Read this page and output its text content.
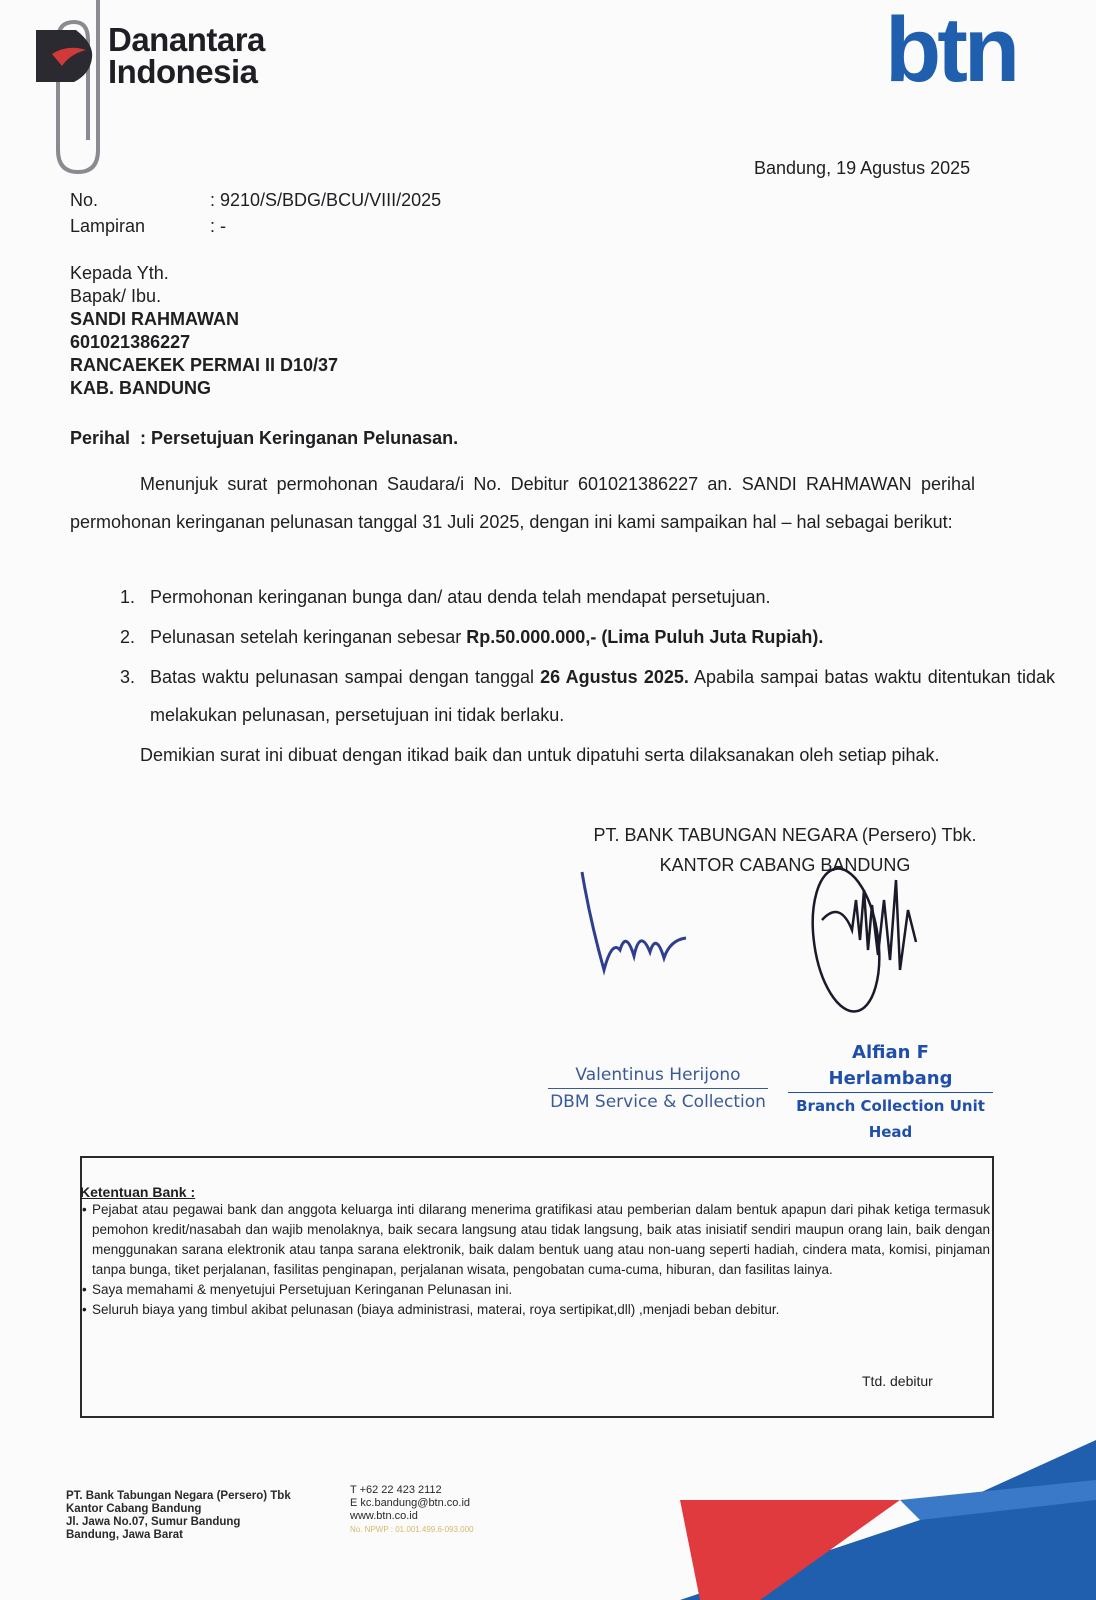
Danantara
Indonesia	btn
Bandung, 19 Agustus 2025
No.	: 9210/S/BDG/BCU/VIII/2025
Lampiran	: -
Kepada Yth.
Bapak/ Ibu.
SANDI RAHMAWAN
601021386227
RANCAEKEK PERMAI II D10/37
KAB. BANDUNG
Perihal  : Persetujuan Keringanan Pelunasan.
Menunjuk surat permohonan Saudara/i No. Debitur 601021386227 an. SANDI RAHMAWAN perihal permohonan keringanan pelunasan tanggal 31 Juli 2025, dengan ini kami sampaikan hal – hal sebagai berikut:
1. Permohonan keringanan bunga dan/ atau denda telah mendapat persetujuan.
2. Pelunasan setelah keringanan sebesar Rp.50.000.000,- (Lima Puluh Juta Rupiah).
3. Batas waktu pelunasan sampai dengan tanggal 26 Agustus 2025. Apabila sampai batas waktu ditentukan tidak melakukan pelunasan, persetujuan ini tidak berlaku.
Demikian surat ini dibuat dengan itikad baik dan untuk dipatuhi serta dilaksanakan oleh setiap pihak.
PT. BANK TABUNGAN NEGARA (Persero) Tbk.
KANTOR CABANG BANDUNG
Valentinus Herijono
DBM Service & Collection
Alfian F Herlambang
Branch Collection Unit Head
Ketentuan Bank :
• Pejabat atau pegawai bank dan anggota keluarga inti dilarang menerima gratifikasi atau pemberian dalam bentuk apapun dari pihak ketiga termasuk pemohon kredit/nasabah dan wajib menolaknya, baik secara langsung atau tidak langsung, baik atas inisiatif sendiri maupun orang lain, baik dengan menggunakan sarana elektronik atau tanpa sarana elektronik, baik dalam bentuk uang atau non-uang seperti hadiah, cindera mata, komisi, pinjaman tanpa bunga, tiket perjalanan, fasilitas penginapan, perjalanan wisata, pengobatan cuma-cuma, hiburan, dan fasilitas lainya.
• Saya memahami & menyetujui Persetujuan Keringanan Pelunasan ini.
• Seluruh biaya yang timbul akibat pelunasan (biaya administrasi, materai, roya sertipikat,dll) ,menjadi beban debitur.
Ttd. debitur
PT. Bank Tabungan Negara (Persero) Tbk
Kantor Cabang Bandung
Jl. Jawa No.07, Sumur Bandung
Bandung, Jawa Barat
T +62 22 423 2112
E kc.bandung@btn.co.id
www.btn.co.id
No. NPWP : 01.001.499.6-093.000
